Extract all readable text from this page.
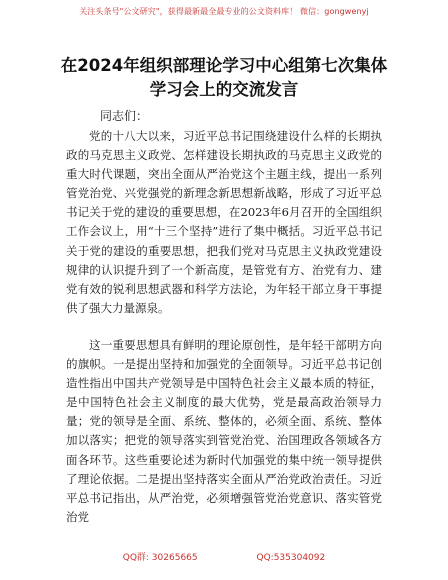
关注头条号"公文研究"，获得最新最全最专业的公文资料库！ 微信：gongwenyj
在2024年组织部理论学习中心组第七次集体学习会上的交流发言
同志们：
党的十八大以来，习近平总书记围绕建设什么样的长期执政的马克思主义政党、怎样建设长期执政的马克思主义政党的重大时代课题，突出全面从严治党这个主题主线，提出一系列管党治党、兴党强党的新理念新思想新战略，形成了习近平总书记关于党的建设的重要思想，在2023年6月召开的全国组织工作会议上，用“十三个坚持”进行了集中概括。习近平总书记关于党的建设的重要思想，把我们党对马克思主义执政党建设规律的认识提升到了一个新高度，是管党有方、治党有力、建党有效的锐利思想武器和科学方法论，为年轻干部立身干事提供了强大力量源泉。
这一重要思想具有鲜明的理论原创性，是年轻干部明方向的旗帜。一是提出坚持和加强党的全面领导。习近平总书记创造性指出中国共产党领导是中国特色社会主义最本质的特征，是中国特色社会主义制度的最大优势，党是最高政治领导力量；党的领导是全面、系统、整体的，必须全面、系统、整体加以落实；把党的领导落实到管党治党、治国理政各领域各方面各环节。这些重要论述为新时代加强党的集中统一领导提供了理论依据。二是提出坚持落实全面从严治党政治责任。习近平总书记指出，从严治党，必须增强管党治党意识、落实管党治党
QQ群: 30265665	QQ:535304092
